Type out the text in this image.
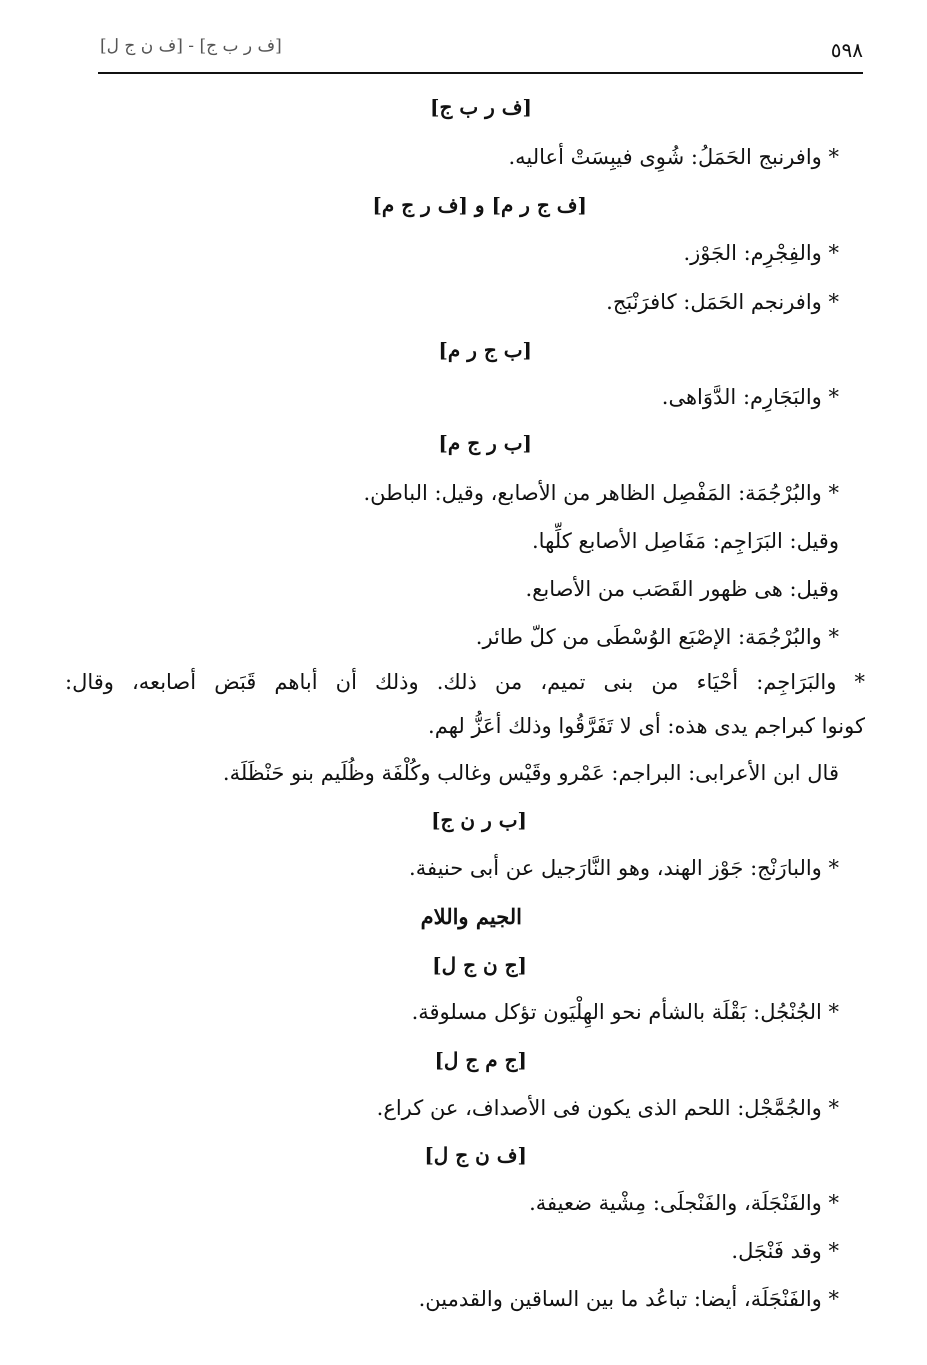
٥٩٨
[ف ر ب ج] - [ف ن ج ل]
[ف ر ب ج]
* وافرنبج الحَمَلُ: شُوِى فيبِسَتْ أعاليه.
[ف ج ر م] و [ف ر ج م]
* والفِجْرِم: الجَوْز.
* وافرنجم الحَمَل: كافرَنْبَج.
[ب ج ر م]
* والبَجَارِم: الدَّوَاهى.
[ب ر ج م]
* والبُرْجُمَة: المَفْصِل الظاهر من الأصابع، وقيل: الباطن.
وقيل: البَرَاجِم: مَفَاصِل الأصابع كلِّها.
وقيل: هى ظهور القَصَب من الأصابع.
* والبُرْجُمَة: الإصْبَع الوُسْطَى من كلّ طائر.
* والبَرَاجِم: أحْيَاء من بنى تميم، من ذلك. وذلك أن أباهم قَبَض أصابعه، وقال:
كونوا كبراجم يدى هذه: أى لا تَفَرَّقُوا وذلك أعَزُّ لهم.
قال ابن الأعرابى: البراجم: عَمْرو وقَيْس وغالب وكُلْفَة وظُلَيم بنو حَنْظَلَة.
[ب ر ن ج]
* والبارَنْج: جَوْز الهند، وهو النَّارَجيل عن أبى حنيفة.
الجيم واللام
[ج ن ج ل]
* الجُنْجُل: بَقْلَة بالشأم نحو الهِلْيَون تؤكل مسلوقة.
[ج م ج ل]
* والجُمَّجْل: اللحم الذى يكون فى الأصداف، عن كراع.
[ف ن ج ل]
* والفَنْجَلَة، والفَنْجلَى: مِشْية ضعيفة.
* وقد فَنْجَل.
* والفَنْجَلَة، أيضا: تباعُد ما بين الساقين والقدمين.
